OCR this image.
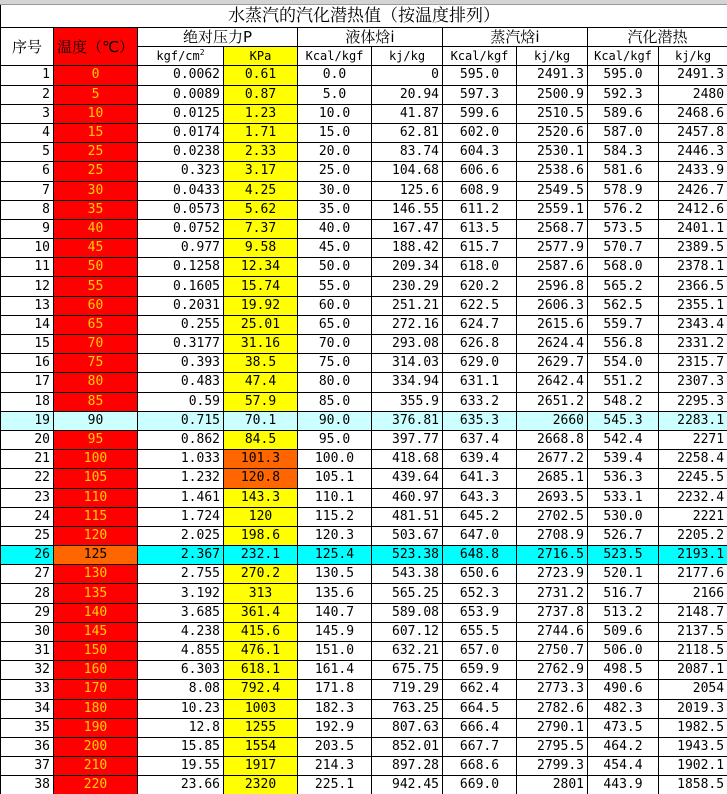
水蒸汽的汽化潜热值（按温度排列）									
序号	温度（℃）	绝对压力P		液体焓i		蒸汽焓i		汽化潜热	
		kgf/$cm^2$	KPa	Kcal/kgf	kj/kg	Kcal/kgf	kj/kg	Kcal/kgf	kj/kg
1	0	0.0062	0.61	0.0	0	595.0	2491.3	595.0	2491.3
2	5	0.0089	0.87	5.0	20.94	597.3	2500.9	592.3	2480
3	10	0.0125	1.23	10.0	41.87	599.6	2510.5	589.6	2468.6
4	15	0.0174	1.71	15.0	62.81	602.0	2520.6	587.0	2457.8
5	25	0.0238	2.33	20.0	83.74	604.3	2530.1	584.3	2446.3
6	25	0.323	3.17	25.0	104.68	606.6	2538.6	581.6	2433.9
7	30	0.0433	4.25	30.0	125.6	608.9	2549.5	578.9	2426.7
8	35	0.0573	5.62	35.0	146.55	611.2	2559.1	576.2	2412.6
9	40	0.0752	7.37	40.0	167.47	613.5	2568.7	573.5	2401.1
10	45	0.977	9.58	45.0	188.42	615.7	2577.9	570.7	2389.5
11	50	0.1258	12.34	50.0	209.34	618.0	2587.6	568.0	2378.1
12	55	0.1605	15.74	55.0	230.29	620.2	2596.8	565.2	2366.5
13	60	0.2031	19.92	60.0	251.21	622.5	2606.3	562.5	2355.1
14	65	0.255	25.01	65.0	272.16	624.7	2615.6	559.7	2343.4
15	70	0.3177	31.16	70.0	293.08	626.8	2624.4	556.8	2331.2
16	75	0.393	38.5	75.0	314.03	629.0	2629.7	554.0	2315.7
17	80	0.483	47.4	80.0	334.94	631.1	2642.4	551.2	2307.3
18	85	0.59	57.9	85.0	355.9	633.2	2651.2	548.2	2295.3
19	90	0.715	70.1	90.0	376.81	635.3	2660	545.3	2283.1
20	95	0.862	84.5	95.0	397.77	637.4	2668.8	542.4	2271
21	100	1.033	101.3	100.0	418.68	639.4	2677.2	539.4	2258.4
22	105	1.232	120.8	105.1	439.64	641.3	2685.1	536.3	2245.5
23	110	1.461	143.3	110.1	460.97	643.3	2693.5	533.1	2232.4
24	115	1.724	120	115.2	481.51	645.2	2702.5	530.0	2221
25	120	2.025	198.6	120.3	503.67	647.0	2708.9	526.7	2205.2
26	125	2.367	232.1	125.4	523.38	648.8	2716.5	523.5	2193.1
27	130	2.755	270.2	130.5	543.38	650.6	2723.9	520.1	2177.6
28	135	3.192	313	135.6	565.25	652.3	2731.2	516.7	2166
29	140	3.685	361.4	140.7	589.08	653.9	2737.8	513.2	2148.7
30	145	4.238	415.6	145.9	607.12	655.5	2744.6	509.6	2137.5
31	150	4.855	476.1	151.0	632.21	657.0	2750.7	506.0	2118.5
32	160	6.303	618.1	161.4	675.75	659.9	2762.9	498.5	2087.1
33	170	8.08	792.4	171.8	719.29	662.4	2773.3	490.6	2054
34	180	10.23	1003	182.3	763.25	664.5	2782.6	482.3	2019.3
35	190	12.8	1255	192.9	807.63	666.4	2790.1	473.5	1982.5
36	200	15.85	1554	203.5	852.01	667.7	2795.5	464.2	1943.5
37	210	19.55	1917	214.3	897.28	668.6	2799.3	454.4	1902.1
38	220	23.66	2320	225.1	942.45	669.0	2801	443.9	1858.5
